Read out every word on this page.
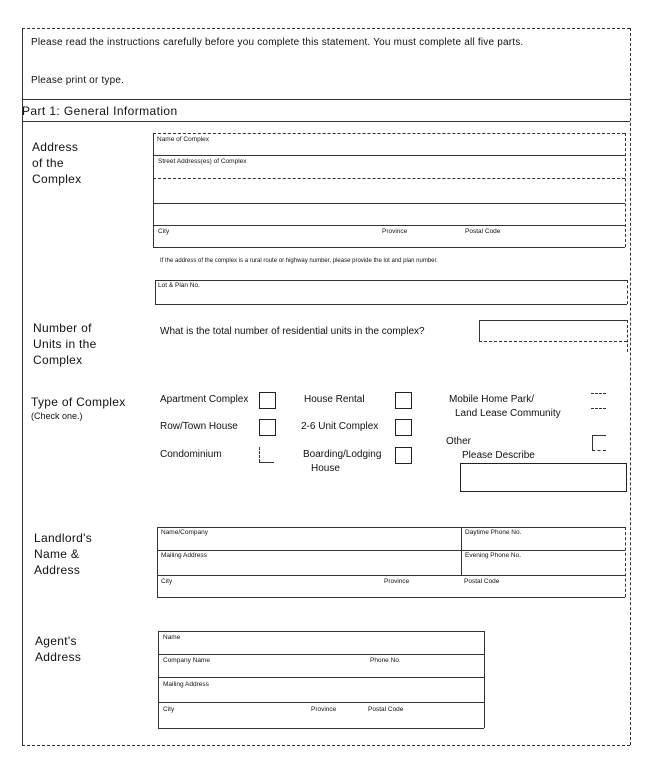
Please read the instructions carefully before you complete this statement. You must complete all five parts.
Please print or type.
Part 1: General Information
Address
of the
Complex
Name of Complex
Street Address(es) of Complex
City	Province	Postal Code
If the address of the complex is a rural route or highway number, please provide the lot and plan number.
Lot & Plan No.
Number of
Units in the
Complex
What is the total number of residential units in the complex?
Type of Complex
(Check one.)
Apartment Complex	House Rental	Mobile Home Park/
Land Lease Community
Row/Town House	2-6 Unit Complex
Other
Condominium	Boarding/Lodging
House
Please Describe
Landlord's
Name &
Address
Name/Company	Daytime Phone No.
Mailing Address	Evening Phone No.
City	Province	Postal Code
Agent's
Address
Name
Company Name	Phone No.
Mailing Address
City	Province	Postal Code
